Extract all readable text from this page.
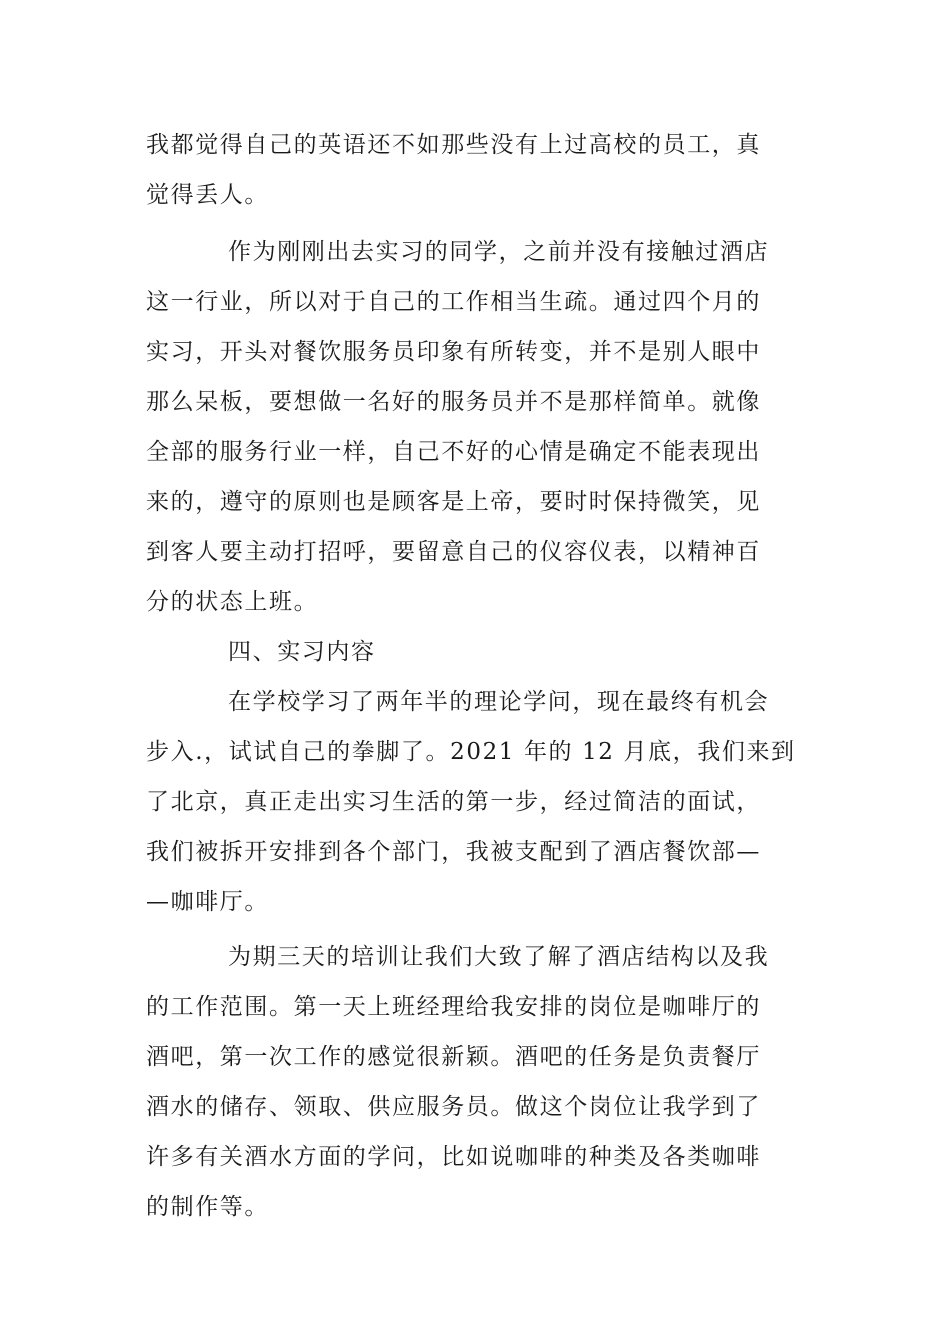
我都觉得自己的英语还不如那些没有上过高校的员工，真
觉得丢人。
作为刚刚出去实习的同学，之前并没有接触过酒店
这一行业，所以对于自己的工作相当生疏。通过四个月的
实习，开头对餐饮服务员印象有所转变，并不是别人眼中
那么呆板，要想做一名好的服务员并不是那样简单。就像
全部的服务行业一样，自己不好的心情是确定不能表现出
来的，遵守的原则也是顾客是上帝，要时时保持微笑，见
到客人要主动打招呼，要留意自己的仪容仪表，以精神百
分的状态上班。
四、实习内容
在学校学习了两年半的理论学问，现在最终有机会
步入.，试试自己的拳脚了。2021 年的 12 月底，我们来到
了北京，真正走出实习生活的第一步，经过简洁的面试，
我们被拆开安排到各个部门，我被支配到了酒店餐饮部—
—咖啡厅。
为期三天的培训让我们大致了解了酒店结构以及我
的工作范围。第一天上班经理给我安排的岗位是咖啡厅的
酒吧，第一次工作的感觉很新颖。酒吧的任务是负责餐厅
酒水的储存、领取、供应服务员。做这个岗位让我学到了
许多有关酒水方面的学问，比如说咖啡的种类及各类咖啡
的制作等。
